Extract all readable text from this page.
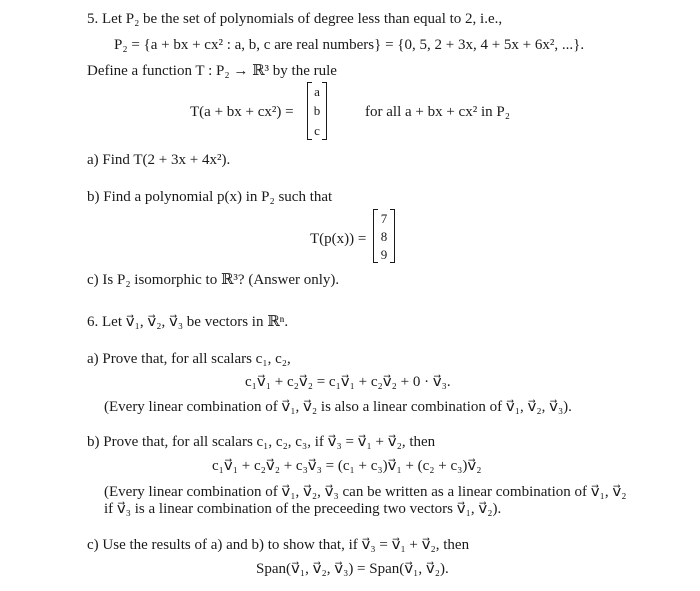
5. Let P₂ be the set of polynomials of degree less than equal to 2, i.e.,
P₂ = {a + bx + cx² : a, b, c are real numbers} = {0, 5, 2 + 3x, 4 + 5x + 6x², ...}.
Define a function T : P₂ → ℝ³ by the rule
T(a + bx + cx²) =
a
b
c
for all a + bx + cx² in P₂
a) Find T(2 + 3x + 4x²).
b) Find a polynomial p(x) in P₂ such that
T(p(x)) =
7
8
9
c) Is P₂ isomorphic to ℝ³? (Answer only).
6. Let v⃗₁, v⃗₂, v⃗₃ be vectors in ℝⁿ.
a) Prove that, for all scalars c₁, c₂,
c₁v⃗₁ + c₂v⃗₂ = c₁v⃗₁ + c₂v⃗₂ + 0 · v⃗₃.
(Every linear combination of v⃗₁, v⃗₂ is also a linear combination of v⃗₁, v⃗₂, v⃗₃).
b) Prove that, for all scalars c₁, c₂, c₃, if v⃗₃ = v⃗₁ + v⃗₂, then
c₁v⃗₁ + c₂v⃗₂ + c₃v⃗₃ = (c₁ + c₃)v⃗₁ + (c₂ + c₃)v⃗₂
(Every linear combination of v⃗₁, v⃗₂, v⃗₃ can be written as a linear combination of v⃗₁, v⃗₂
if v⃗₃ is a linear combination of the preceeding two vectors v⃗₁, v⃗₂).
c) Use the results of a) and b) to show that, if v⃗₃ = v⃗₁ + v⃗₂, then
Span(v⃗₁, v⃗₂, v⃗₃) = Span(v⃗₁, v⃗₂).
